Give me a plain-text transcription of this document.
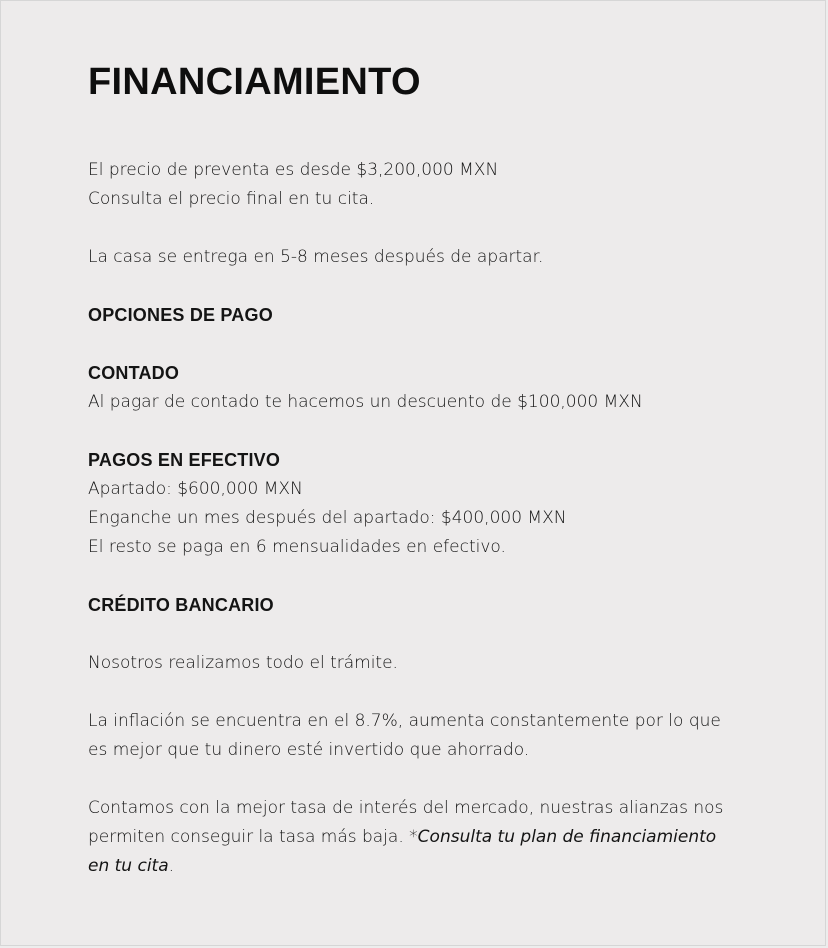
FINANCIAMIENTO

El precio de preventa es desde $3,200,000 MXN

Consulta el precio final en tu cita.

La casa se entrega en 5-8 meses después de apartar.

OPCIONES DE PAGO

CONTADO

Al pagar de contado te hacemos un descuento de $100,000 MXN

PAGOS EN EFECTIVO

Apartado: $600,000 MXN

Enganche un mes después del apartado: $400,000 MXN

El resto se paga en 6 mensualidades en efectivo.

CRÉDITO BANCARIO

Nosotros realizamos todo el trámite.

La inflación se encuentra en el 8.7%, aumenta constantemente por lo que

es mejor que tu dinero esté invertido que ahorrado.

Contamos con la mejor tasa de interés del mercado, nuestras alianzas nos

permiten conseguir la tasa más baja. *Consulta tu plan de financiamiento

en tu cita.
